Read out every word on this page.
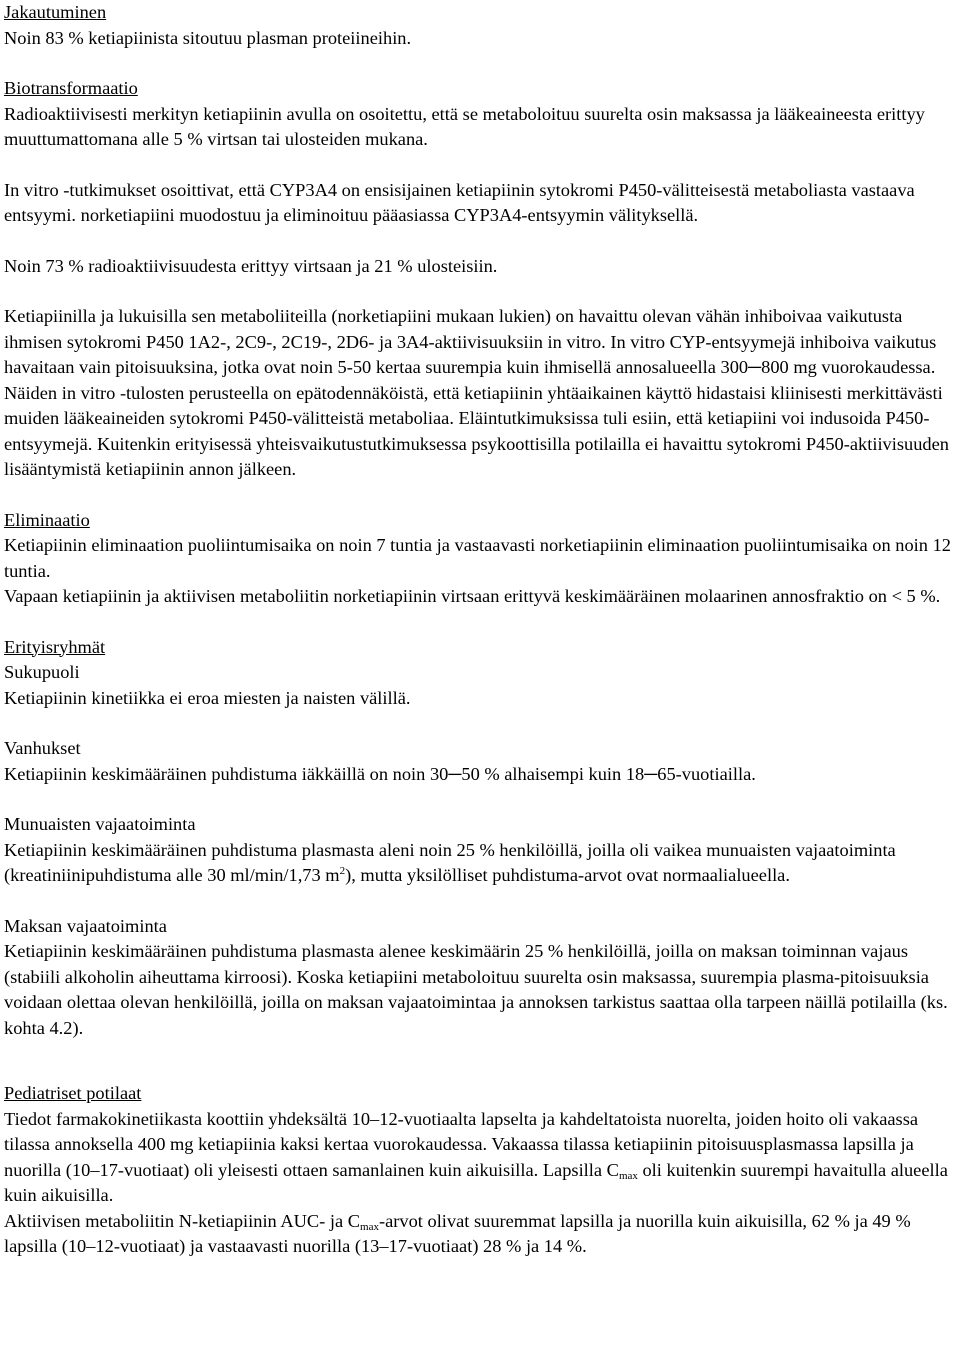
Jakautuminen

Noin 83 % ketiapiinista sitoutuu plasman proteiineihin.

Biotransformaatio

Radioaktiivisesti merkityn ketiapiinin avulla on osoitettu, että se metaboloituu suurelta osin maksassa ja lääkeaineesta erittyy muuttumattomana alle 5 % virtsan tai ulosteiden mukana.

In vitro -tutkimukset osoittivat, että CYP3A4 on ensisijainen ketiapiinin sytokromi P450-välitteisestä metaboliasta vastaava entsyymi. norketiapiini muodostuu ja eliminoituu pääasiassa CYP3A4-entsyymin välityksellä.

Noin 73 % radioaktiivisuudesta erittyy virtsaan ja 21 % ulosteisiin.

Ketiapiinilla ja lukuisilla sen metaboliiteilla (norketiapiini mukaan lukien) on havaittu olevan vähän inhiboivaa vaikutusta ihmisen sytokromi P450 1A2-, 2C9-, 2C19-, 2D6- ja 3A4-aktiivisuuksiin in vitro. In vitro CYP-entsyymejä inhiboiva vaikutus havaitaan vain pitoisuuksina, jotka ovat noin 5-50 kertaa suurempia kuin ihmisellä annosalueella 300─800 mg vuorokaudessa. Näiden in vitro -tulosten perusteella on epätodennäköistä, että ketiapiinin yhtäaikainen käyttö hidastaisi kliinisesti merkittävästi muiden lääkeaineiden sytokromi P450-välitteistä metaboliaa. Eläintutkimuksissa tuli esiin, että ketiapiini voi indusoida P450-entsyymejä. Kuitenkin erityisessä yhteisvaikutustutkimuksessa psykoottisilla potilailla ei havaittu sytokromi P450-aktiivisuuden lisääntymistä ketiapiinin annon jälkeen.

Eliminaatio

Ketiapiinin eliminaation puoliintumisaika on noin 7 tuntia ja vastaavasti norketiapiinin eliminaation puoliintumisaika on noin 12 tuntia.

Vapaan ketiapiinin ja aktiivisen metaboliitin norketiapiinin virtsaan erittyvä keskimääräinen molaarinen annosfraktio on < 5 %.

Erityisryhmät

Sukupuoli

Ketiapiinin kinetiikka ei eroa miesten ja naisten välillä.

Vanhukset

Ketiapiinin keskimääräinen puhdistuma iäkkäillä on noin 30─50 % alhaisempi kuin 18─65-vuotiailla.

Munuaisten vajaatoiminta

Ketiapiinin keskimääräinen puhdistuma plasmasta aleni noin 25 % henkilöillä, joilla oli vaikea munuaisten vajaatoiminta (kreatiniinipuhdistuma alle 30 ml/min/1,73 $m^2$), mutta yksilölliset puhdistuma-arvot ovat normaalialueella.

Maksan vajaatoiminta

Ketiapiinin keskimääräinen puhdistuma plasmasta alenee keskimäärin 25 % henkilöillä, joilla on maksan toiminnan vajaus (stabiili alkoholin aiheuttama kirroosi). Koska ketiapiini metaboloituu suurelta osin maksassa, suurempia plasma-pitoisuuksia voidaan olettaa olevan henkilöillä, joilla on maksan vajaatoimintaa ja annoksen tarkistus saattaa olla tarpeen näillä potilailla (ks. kohta 4.2).

Pediatriset potilaat

Tiedot farmakokinetiikasta koottiin yhdeksältä 10–12-vuotiaalta lapselta ja kahdeltatoista nuorelta, joiden hoito oli vakaassa tilassa annoksella 400 mg ketiapiinia kaksi kertaa vuorokaudessa. Vakaassa tilassa ketiapiinin pitoisuusplasmassa lapsilla ja nuorilla (10–17-vuotiaat) oli yleisesti ottaen samanlainen kuin aikuisilla. Lapsilla $C_{max}$ oli kuitenkin suurempi havaitulla alueella kuin aikuisilla.

Aktiivisen metaboliitin N-ketiapiinin AUC- ja $C_{max}$-arvot olivat suuremmat lapsilla ja nuorilla kuin aikuisilla, 62 % ja 49 % lapsilla (10–12-vuotiaat) ja vastaavasti nuorilla (13–17-vuotiaat) 28 % ja 14 %.
